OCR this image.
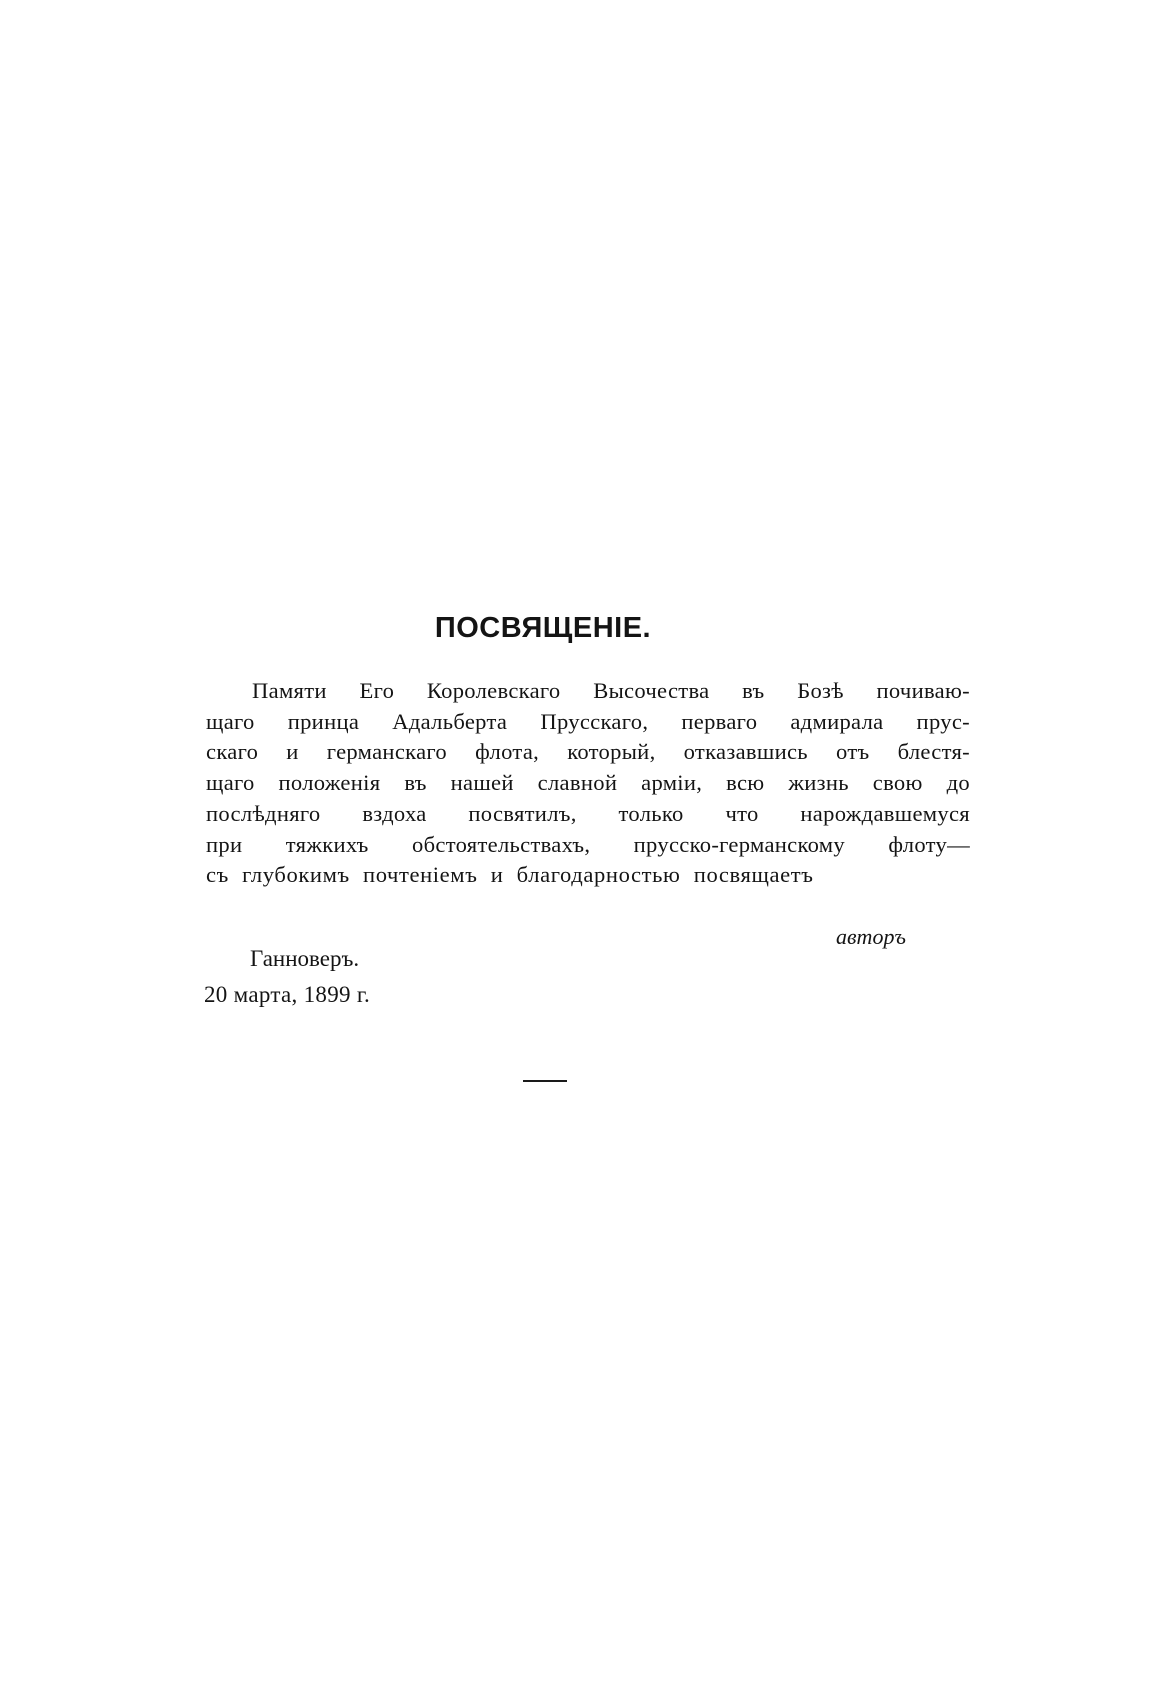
ПОСВЯЩЕНІЕ.
Памяти Его Королевскаго Высочества въ Бозѣ почиваю-
щаго принца Адальберта Прусскаго, перваго адмирала прус-
скаго и германскаго флота, который, отказавшись отъ блестя-
щаго положенія въ нашей славной арміи, всю жизнь свою до
послѣдняго вздоха посвятилъ, только что нарождавшемуся
при тяжкихъ обстоятельствахъ, прусско-германскому флоту—
съ глубокимъ почтеніемъ и благодарностью посвящаетъ

авторъ

Ганноверъ.

20 марта, 1899 г.
